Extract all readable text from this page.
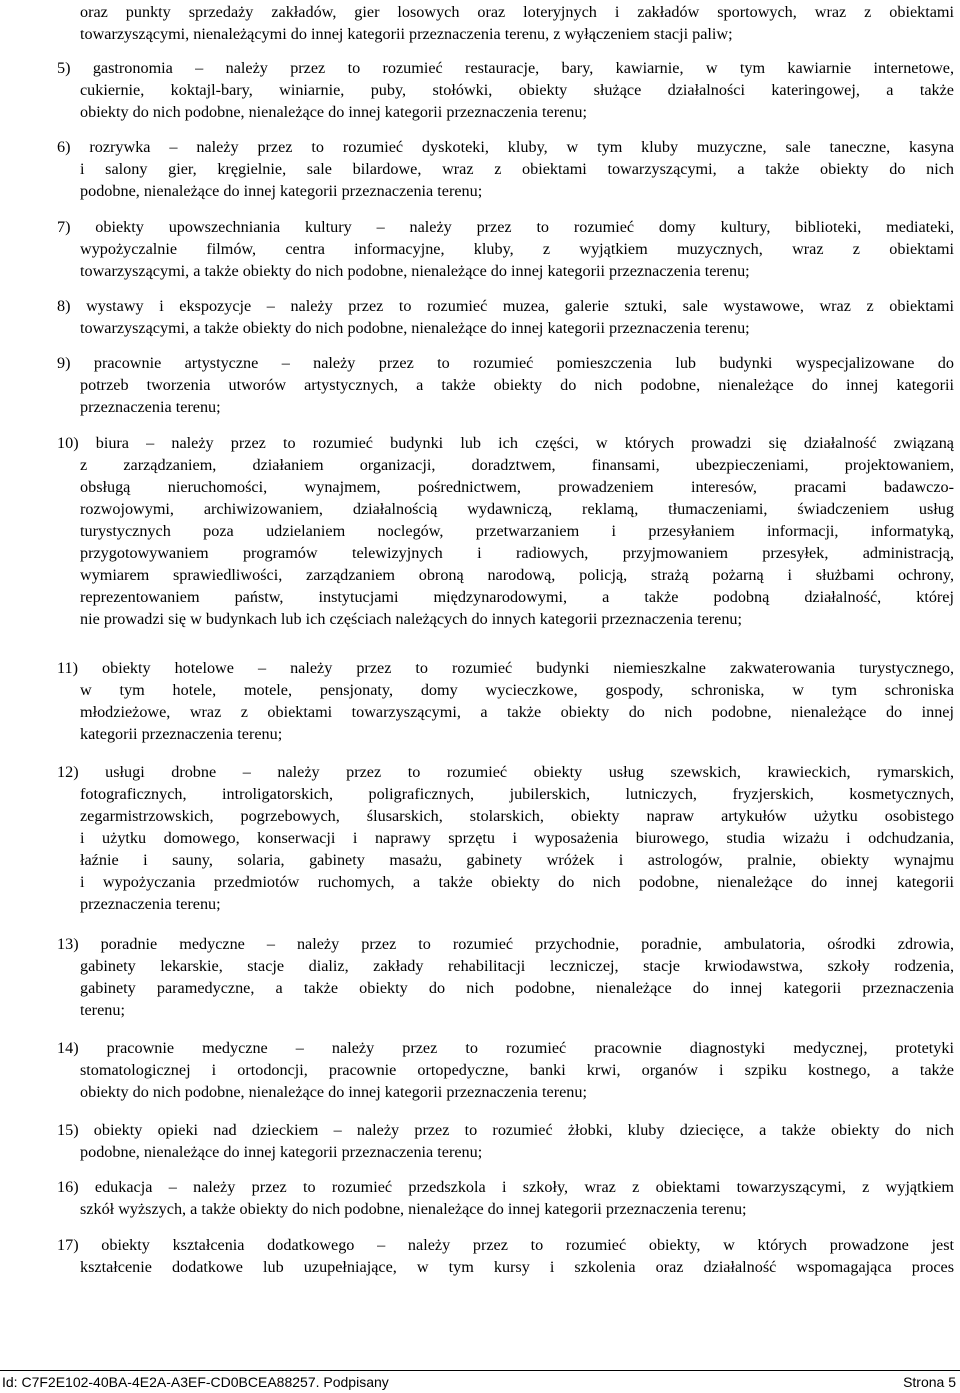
oraz punkty sprzedaży zakładów, gier losowych oraz loteryjnych i zakładów sportowych, wraz z obiektami
towarzyszącymi, nienależącymi do innej kategorii przeznaczenia terenu, z wyłączeniem stacji paliw;
5) gastronomia – należy przez to rozumieć restauracje, bary, kawiarnie, w tym kawiarnie internetowe,
cukiernie, koktajl-bary, winiarnie, puby, stołówki, obiekty służące działalności kateringowej, a także
obiekty do nich podobne, nienależące do innej kategorii przeznaczenia terenu;
6) rozrywka – należy przez to rozumieć dyskoteki, kluby, w tym kluby muzyczne, sale taneczne, kasyna
i salony gier, kręgielnie, sale bilardowe, wraz z obiektami towarzyszącymi, a także obiekty do nich
podobne, nienależące do innej kategorii przeznaczenia terenu;
7) obiekty upowszechniania kultury – należy przez to rozumieć domy kultury, biblioteki, mediateki,
wypożyczalnie filmów, centra informacyjne, kluby, z wyjątkiem muzycznych, wraz z obiektami
towarzyszącymi, a także obiekty do nich podobne, nienależące do innej kategorii przeznaczenia terenu;
8) wystawy i ekspozycje – należy przez to rozumieć muzea, galerie sztuki, sale wystawowe, wraz z obiektami
towarzyszącymi, a także obiekty do nich podobne, nienależące do innej kategorii przeznaczenia terenu;
9) pracownie artystyczne – należy przez to rozumieć pomieszczenia lub budynki wyspecjalizowane do
potrzeb tworzenia utworów artystycznych, a także obiekty do nich podobne, nienależące do innej kategorii
przeznaczenia terenu;
10) biura – należy przez to rozumieć budynki lub ich części, w których prowadzi się działalność związaną
z zarządzaniem, działaniem organizacji, doradztwem, finansami, ubezpieczeniami, projektowaniem,
obsługą nieruchomości, wynajmem, pośrednictwem, prowadzeniem interesów, pracami badawczo-
rozwojowymi, archiwizowaniem, działalnością wydawniczą, reklamą, tłumaczeniami, świadczeniem usług
turystycznych poza udzielaniem noclegów, przetwarzaniem i przesyłaniem informacji, informatyką,
przygotowywaniem programów telewizyjnych i radiowych, przyjmowaniem przesyłek, administracją,
wymiarem sprawiedliwości, zarządzaniem obroną narodową, policją, strażą pożarną i służbami ochrony,
reprezentowaniem państw, instytucjami międzynarodowymi, a także podobną działalność, której
nie prowadzi się w budynkach lub ich częściach należących do innych kategorii przeznaczenia terenu;
11) obiekty hotelowe – należy przez to rozumieć budynki niemieszkalne zakwaterowania turystycznego,
w tym hotele, motele, pensjonaty, domy wycieczkowe, gospody, schroniska, w tym schroniska
młodzieżowe, wraz z obiektami towarzyszącymi, a także obiekty do nich podobne, nienależące do innej
kategorii przeznaczenia terenu;
12) usługi drobne – należy przez to rozumieć obiekty usług szewskich, krawieckich, rymarskich,
fotograficznych, introligatorskich, poligraficznych, jubilerskich, lutniczych, fryzjerskich, kosmetycznych,
zegarmistrzowskich, pogrzebowych, ślusarskich, stolarskich, obiekty napraw artykułów użytku osobistego
i użytku domowego, konserwacji i naprawy sprzętu i wyposażenia biurowego, studia wizażu i odchudzania,
łaźnie i sauny, solaria, gabinety masażu, gabinety wróżek i astrologów, pralnie, obiekty wynajmu
i wypożyczania przedmiotów ruchomych, a także obiekty do nich podobne, nienależące do innej kategorii
przeznaczenia terenu;
13) poradnie medyczne – należy przez to rozumieć przychodnie, poradnie, ambulatoria, ośrodki zdrowia,
gabinety lekarskie, stacje dializ, zakłady rehabilitacji leczniczej, stacje krwiodawstwa, szkoły rodzenia,
gabinety paramedyczne, a także obiekty do nich podobne, nienależące do innej kategorii przeznaczenia
terenu;
14) pracownie medyczne – należy przez to rozumieć pracownie diagnostyki medycznej, protetyki
stomatologicznej i ortodoncji, pracownie ortopedyczne, banki krwi, organów i szpiku kostnego, a także
obiekty do nich podobne, nienależące do innej kategorii przeznaczenia terenu;
15) obiekty opieki nad dzieckiem – należy przez to rozumieć żłobki, kluby dziecięce, a także obiekty do nich
podobne, nienależące do innej kategorii przeznaczenia terenu;
16) edukacja – należy przez to rozumieć przedszkola i szkoły, wraz z obiektami towarzyszącymi, z wyjątkiem
szkół wyższych, a także obiekty do nich podobne, nienależące do innej kategorii przeznaczenia terenu;
17) obiekty kształcenia dodatkowego – należy przez to rozumieć obiekty, w których prowadzone jest
kształcenie dodatkowe lub uzupełniające, w tym kursy i szkolenia oraz działalność wspomagająca proces
Id: C7F2E102-40BA-4E2A-A3EF-CD0BCEA88257. Podpisany	Strona 5
